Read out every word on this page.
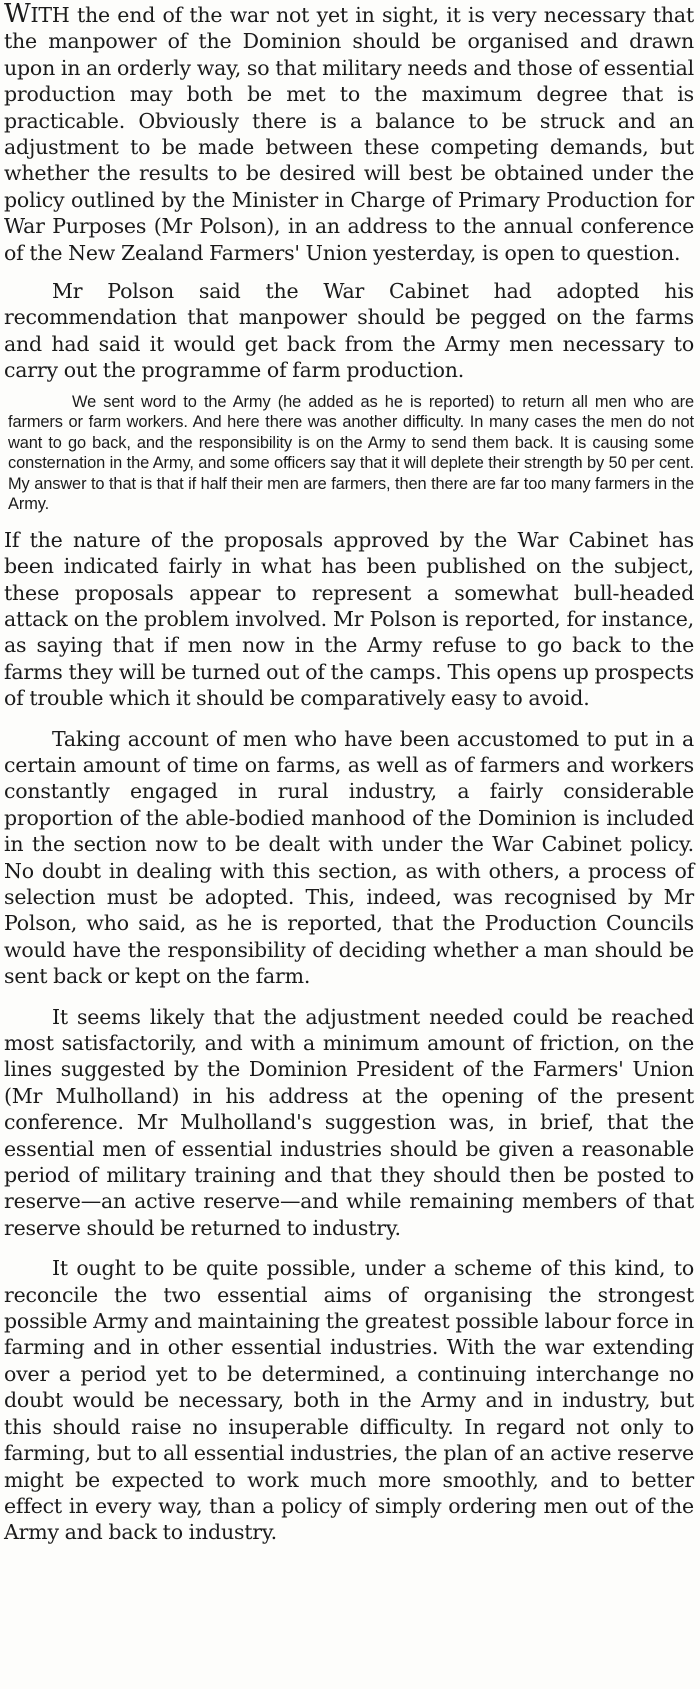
WITH the end of the war not yet in sight, it is very necessary that the manpower of the Dominion should be organised and drawn upon in an orderly way, so that military needs and those of essential production may both be met to the maximum degree that is practicable. Obviously there is a balance to be struck and an adjustment to be made between these competing demands, but whether the results to be desired will best be obtained under the policy outlined by the Minister in Charge of Primary Production for War Purposes (Mr Polson), in an address to the annual conference of the New Zealand Farmers' Union yesterday, is open to question.

Mr Polson said the War Cabinet had adopted his recommendation that manpower should be pegged on the farms and had said it would get back from the Army men necessary to carry out the programme of farm production.

We sent word to the Army (he added as he is reported) to return all men who are farmers or farm workers. And here there was another difficulty. In many cases the men do not want to go back, and the responsibility is on the Army to send them back. It is causing some consternation in the Army, and some officers say that it will deplete their strength by 50 per cent. My answer to that is that if half their men are farmers, then there are far too many farmers in the Army.

If the nature of the proposals approved by the War Cabinet has been indicated fairly in what has been published on the subject, these proposals appear to represent a somewhat bull-headed attack on the problem involved. Mr Polson is reported, for instance, as saying that if men now in the Army refuse to go back to the farms they will be turned out of the camps. This opens up prospects of trouble which it should be comparatively easy to avoid.

Taking account of men who have been accustomed to put in a certain amount of time on farms, as well as of farmers and workers constantly engaged in rural industry, a fairly considerable proportion of the able-bodied manhood of the Dominion is included in the section now to be dealt with under the War Cabinet policy. No doubt in dealing with this section, as with others, a process of selection must be adopted. This, indeed, was recognised by Mr Polson, who said, as he is reported, that the Production Councils would have the responsibility of deciding whether a man should be sent back or kept on the farm.

It seems likely that the adjustment needed could be reached most satisfactorily, and with a minimum amount of friction, on the lines suggested by the Dominion President of the Farmers' Union (Mr Mulholland) in his address at the opening of the present conference. Mr Mulholland's suggestion was, in brief, that the essential men of essential industries should be given a reasonable period of military training and that they should then be posted to reserve—an active reserve—and while remaining members of that reserve should be returned to industry.

It ought to be quite possible, under a scheme of this kind, to reconcile the two essential aims of organising the strongest possible Army and maintaining the greatest possible labour force in farming and in other essential industries. With the war extending over a period yet to be determined, a continuing interchange no doubt would be necessary, both in the Army and in industry, but this should raise no insuperable difficulty. In regard not only to farming, but to all essential industries, the plan of an active reserve might be expected to work much more smoothly, and to better effect in every way, than a policy of simply ordering men out of the Army and back to industry.
